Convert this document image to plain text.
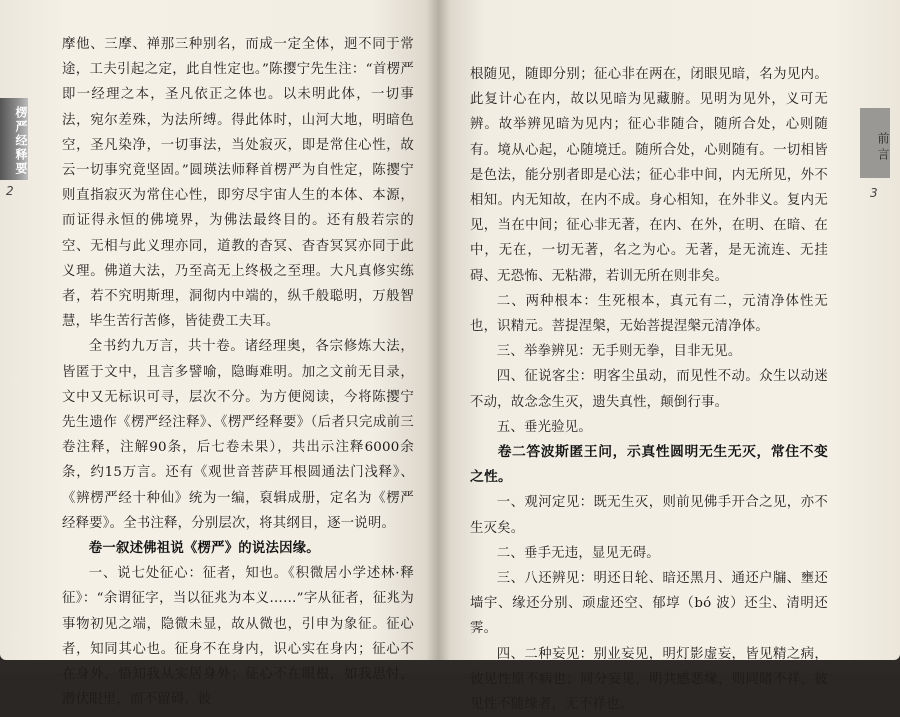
摩他、三摩、禅那三种别名，而成一定全体，迥不同于常途，工夫引起之定，此自性定也。”陈撄宁先生注：“首楞严即一经理之本，圣凡依正之体也。以未明此体，一切事法，宛尔差殊，为法所缚。得此体时，山河大地，明暗色空，圣凡染净，一切事法，当处寂灭，即是常住心性，故云一切事究竟坚固。”圆瑛法师释首楞严为自性定，陈撄宁则直指寂灭为常住心性，即穷尽宇宙人生的本体、本源，而证得永恒的佛境界，为佛法最终目的。还有般若宗的空、无相与此义理亦同，道教的杳冥、杳杳冥冥亦同于此义理。佛道大法，乃至高无上终极之至理。大凡真修实练者，若不究明斯理，洞彻内中端的，纵千般聪明，万般智慧，毕生苦行苦修，皆徒费工夫耳。

全书约九万言，共十卷。诸经理奥，各宗修炼大法，皆匿于文中，且言多譬喻，隐晦难明。加之文前无目录，文中又无标识可寻，层次不分。为方便阅读，今将陈撄宁先生遗作《楞严经注释》、《楞严经释要》（后者只完成前三卷注释，注解90条，后七卷未果），共出示注释6000余条，约15万言。还有《观世音菩萨耳根圆通法门浅释》、《辨楞严经十种仙》统为一编，裒辑成册，定名为《楞严经释要》。全书注释，分别层次，将其纲目，逐一说明。

卷一叙述佛祖说《楞严》的说法因缘。

一、说七处征心：征者，知也。《积微居小学述林·释征》：“余谓征字，当以征兆为本义……”字从征者，征兆为事物初见之端，隐微未显，故从微也，引申为象征。征心者，知同其心也。征身不在身内，识心实在身内；征心不在身外，悟知我从实居身外；征心不在眼根，如我思忖，潜伏眼里，而不留碍，彼

根随见，随即分别；征心非在两在，闭眼见暗，名为见内。此复计心在内，故以见暗为见藏腑。见明为见外，义可无辨。故举辨见暗为见内；征心非随合，随所合处，心则随有。境从心起，心随境迁。随所合处，心则随有。一切相皆是色法，能分别者即是心法；征心非中间，内无所见，外不相知。内无知故，在内不成。身心相知，在外非义。复内无见，当在中间；征心非无著，在内、在外，在明、在暗、在中，无在，一切无著，名之为心。无著，是无流连、无挂碍、无恐怖、无粘滞，若训无所在则非矣。

二、两种根本：生死根本，真元有二，元清净体性无也，识精元。菩提涅槃，无始菩提涅槃元清净体。

三、举拳辨见：无手则无拳，目非无见。

四、征说客尘：明客尘虽动，而见性不动。众生以动迷不动，故念念生灭，遗失真性，颠倒行事。

五、垂光验见。

卷二答波斯匿王问，示真性圆明无生无灭，常住不变之性。

一、观河定见：既无生灭，则前见佛手开合之见，亦不生灭矣。

二、垂手无违，显见无碍。

三、八还辨见：明还日轮、暗还黑月、通还户牖、壅还墙宇、缘还分别、顽虚还空、郁埻（bó 波）还尘、清明还霁。

四、二种妄见：别业妄见，明灯影虚妄，皆见精之病，彼见性原不病也；同分妄见，明共感恶缘，则同睹不祥，彼见性不随缘者，无不祥也。

楞严经释要
2
前言
3
